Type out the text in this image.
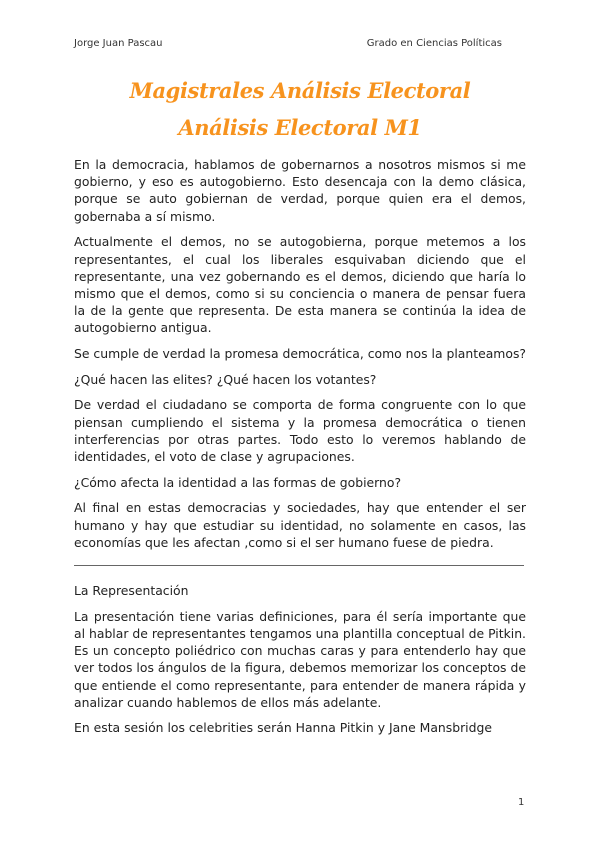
Jorge Juan Pascau	Grado en Ciencias Políticas
Magistrales Análisis Electoral
Análisis Electoral M1

En la democracia, hablamos de gobernarnos a nosotros mismos si me gobierno, y eso es autogobierno. Esto desencaja con la demo clásica, porque se auto gobiernan de verdad, porque quien era el demos, gobernaba a sí mismo.

Actualmente el demos, no se autogobierna, porque metemos a los representantes, el cual los liberales esquivaban diciendo que el representante, una vez gobernando es el demos, diciendo que haría lo mismo que el demos, como si su conciencia o manera de pensar fuera la de la gente que representa. De esta manera se continúa la idea de autogobierno antigua.

Se cumple de verdad la promesa democrática, como nos la planteamos?

¿Qué hacen las elites? ¿Qué hacen los votantes?

De verdad el ciudadano se comporta de forma congruente con lo que piensan cumpliendo el sistema y la promesa democrática o tienen interferencias por otras partes. Todo esto lo veremos hablando de identidades, el voto de clase y agrupaciones.

¿Cómo afecta la identidad a las formas de gobierno?

Al final en estas democracias y sociedades, hay que entender el ser humano y hay que estudiar su identidad, no solamente en casos, las economías que les afectan ,como si el ser humano fuese de piedra.

La Representación

La presentación tiene varias definiciones, para él sería importante que al hablar de representantes tengamos una plantilla conceptual de Pitkin. Es un concepto poliédrico con muchas caras y para entenderlo hay que ver todos los ángulos de la figura, debemos memorizar los conceptos de que entiende el como representante, para entender de manera rápida y analizar cuando hablemos de ellos más adelante.

En esta sesión los celebrities serán Hanna Pitkin y Jane Mansbridge

1
